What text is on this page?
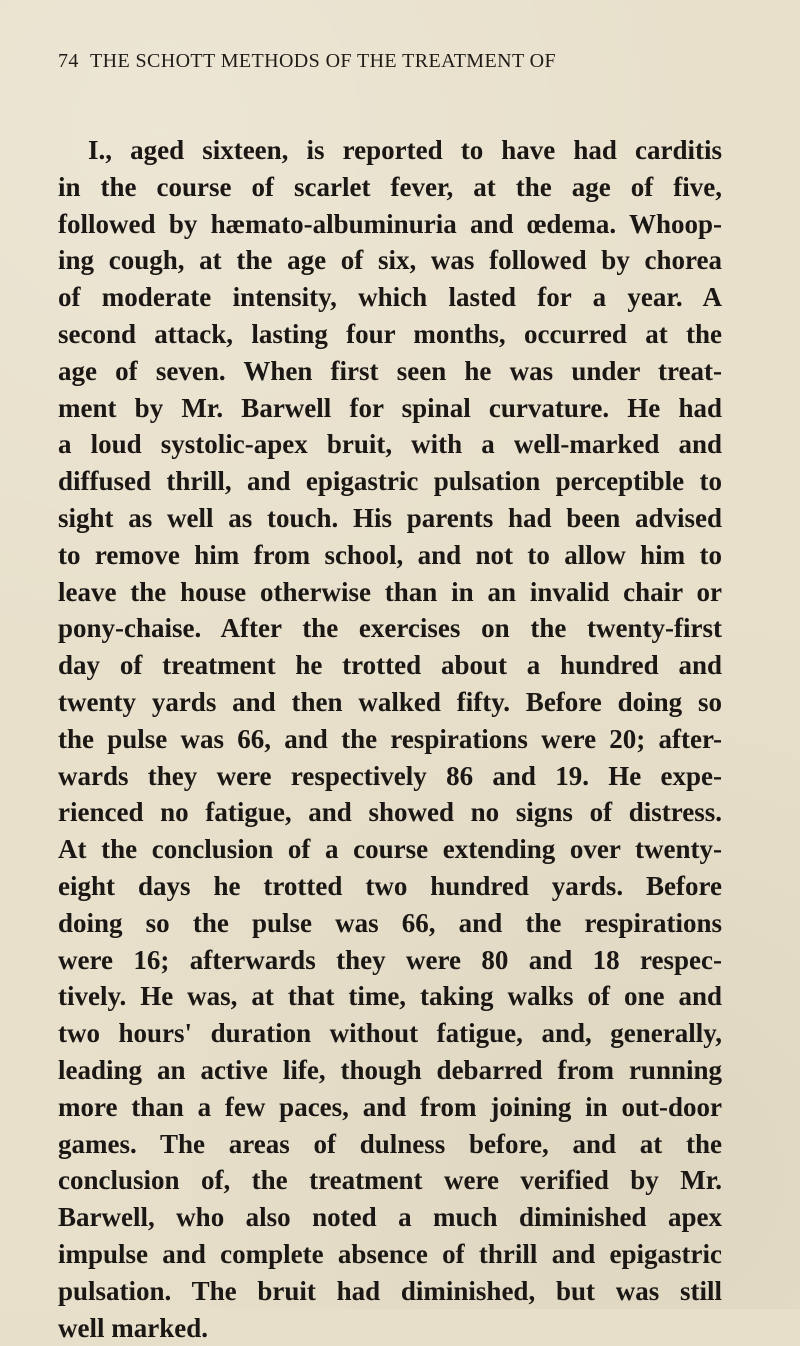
74 THE SCHOTT METHODS OF THE TREATMENT OF
I., aged sixteen, is reported to have had carditis
in the course of scarlet fever, at the age of five,
followed by hæmato-albuminuria and œdema. Whoop-
ing cough, at the age of six, was followed by chorea
of moderate intensity, which lasted for a year. A
second attack, lasting four months, occurred at the
age of seven. When first seen he was under treat-
ment by Mr. Barwell for spinal curvature. He had
a loud systolic-apex bruit, with a well-marked and
diffused thrill, and epigastric pulsation perceptible to
sight as well as touch. His parents had been advised
to remove him from school, and not to allow him to
leave the house otherwise than in an invalid chair or
pony-chaise. After the exercises on the twenty-first
day of treatment he trotted about a hundred and
twenty yards and then walked fifty. Before doing so
the pulse was 66, and the respirations were 20; after-
wards they were respectively 86 and 19. He expe-
rienced no fatigue, and showed no signs of distress.
At the conclusion of a course extending over twenty-
eight days he trotted two hundred yards. Before
doing so the pulse was 66, and the respirations
were 16; afterwards they were 80 and 18 respec-
tively. He was, at that time, taking walks of one and
two hours' duration without fatigue, and, generally,
leading an active life, though debarred from running
more than a few paces, and from joining in out-door
games. The areas of dulness before, and at the
conclusion of, the treatment were verified by Mr.
Barwell, who also noted a much diminished apex
impulse and complete absence of thrill and epigastric
pulsation. The bruit had diminished, but was still
well marked.
